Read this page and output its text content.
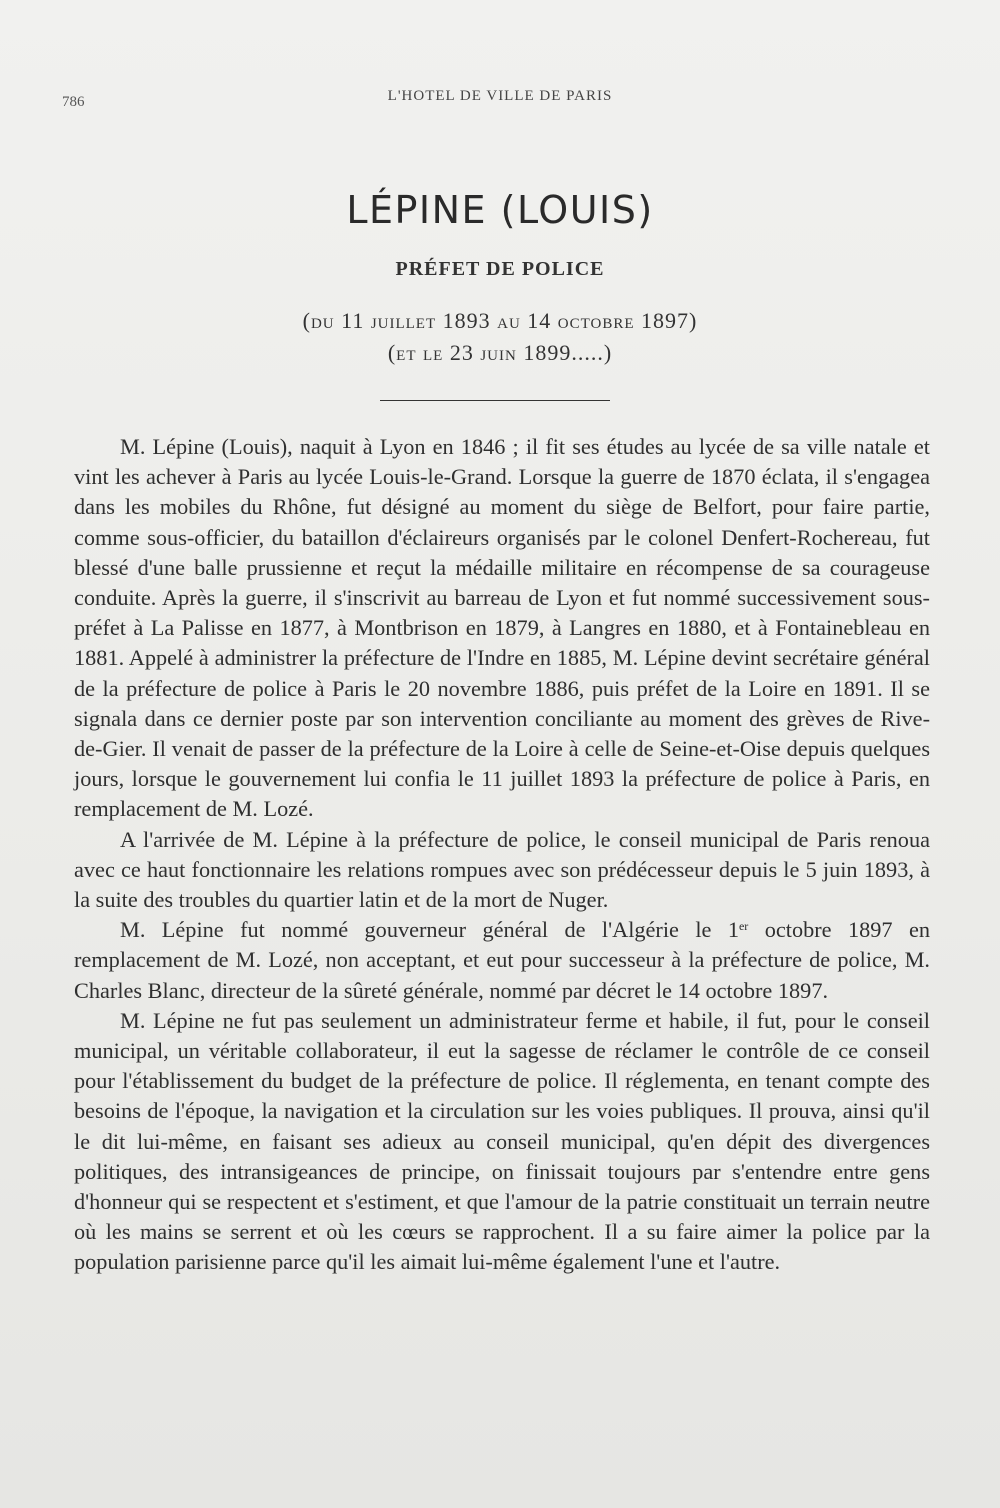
786	L'HOTEL DE VILLE DE PARIS

LÉPINE (LOUIS)
PRÉFET DE POLICE

(du 11 juillet 1893 au 14 octobre 1897)

(et le 23 juin 1899.....)

M. Lépine (Louis), naquit à Lyon en 1846 ; il fit ses études au lycée de sa ville natale et vint les achever à Paris au lycée Louis-le-Grand. Lorsque la guerre de 1870 éclata, il s'engagea dans les mobiles du Rhône, fut désigné au moment du siège de Belfort, pour faire partie, comme sous-officier, du bataillon d'éclaireurs organisés par le colonel Denfert-Rochereau, fut blessé d'une balle prussienne et reçut la médaille militaire en récompense de sa courageuse conduite. Après la guerre, il s'inscrivit au barreau de Lyon et fut nommé successivement sous-préfet à La Palisse en 1877, à Montbrison en 1879, à Langres en 1880, et à Fontainebleau en 1881. Appelé à administrer la préfecture de l'Indre en 1885, M. Lépine devint secrétaire général de la préfecture de police à Paris le 20 novembre 1886, puis préfet de la Loire en 1891. Il se signala dans ce dernier poste par son intervention conciliante au moment des grèves de Rive-de-Gier. Il venait de passer de la préfecture de la Loire à celle de Seine-et-Oise depuis quelques jours, lorsque le gouvernement lui confia le 11 juillet 1893 la préfecture de police à Paris, en remplacement de M. Lozé.

A l'arrivée de M. Lépine à la préfecture de police, le conseil municipal de Paris renoua avec ce haut fonctionnaire les relations rompues avec son prédécesseur depuis le 5 juin 1893, à la suite des troubles du quartier latin et de la mort de Nuger.

M. Lépine fut nommé gouverneur général de l'Algérie le 1er octobre 1897 en remplacement de M. Lozé, non acceptant, et eut pour successeur à la préfecture de police, M. Charles Blanc, directeur de la sûreté générale, nommé par décret le 14 octobre 1897.

M. Lépine ne fut pas seulement un administrateur ferme et habile, il fut, pour le conseil municipal, un véritable collaborateur, il eut la sagesse de réclamer le contrôle de ce conseil pour l'établissement du budget de la préfecture de police. Il réglementa, en tenant compte des besoins de l'époque, la navigation et la circulation sur les voies publiques. Il prouva, ainsi qu'il le dit lui-même, en faisant ses adieux au conseil municipal, qu'en dépit des divergences politiques, des intransigeances de principe, on finissait toujours par s'entendre entre gens d'honneur qui se respectent et s'estiment, et que l'amour de la patrie constituait un terrain neutre où les mains se serrent et où les cœurs se rapprochent. Il a su faire aimer la police par la population parisienne parce qu'il les aimait lui-même également l'une et l'autre.
